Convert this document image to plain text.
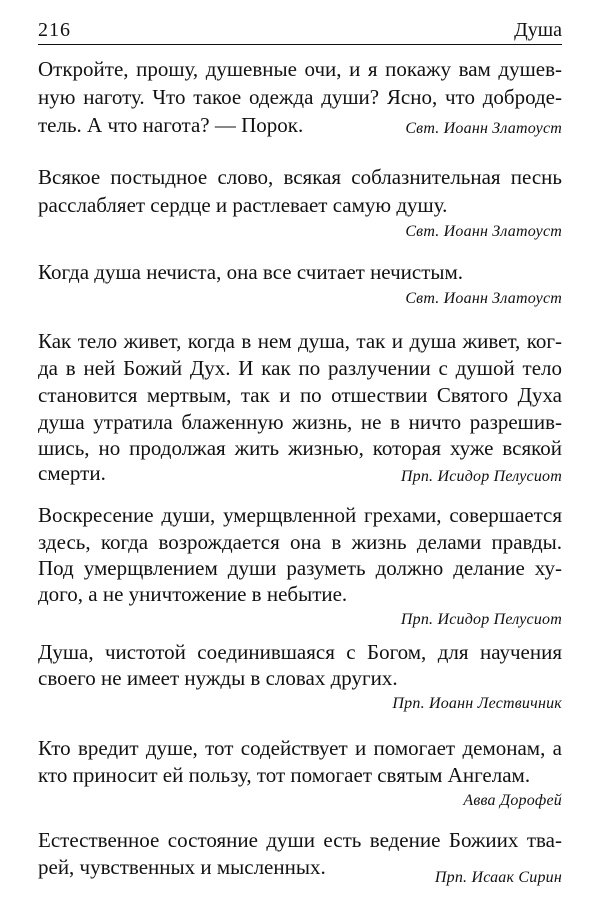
216	Душа
Откройте, прошу, душевные очи, и я покажу вам душев-
ную наготу. Что такое одежда души? Ясно, что доброде-
тель. А что нагота? — Порок.	Свт. Иоанн Златоуст
Всякое постыдное слово, всякая соблазнительная песнь
расслабляет сердце и растлевает самую душу.
Свт. Иоанн Златоуст
Когда душа нечиста, она все считает нечистым.
Свт. Иоанн Златоуст
Как тело живет, когда в нем душа, так и душа живет, ког-
да в ней Божий Дух. И как по разлучении с душой тело
становится мертвым, так и по отшествии Святого Духа
душа утратила блаженную жизнь, не в ничто разрешив-
шись, но продолжая жить жизнью, которая хуже всякой
смерти.	Прп. Исидор Пелусиот
Воскресение души, умерщвленной грехами, совершается
здесь, когда возрождается она в жизнь делами правды.
Под умерщвлением души разуметь должно делание ху-
дого, а не уничтожение в небытие.
Прп. Исидор Пелусиот
Душа, чистотой соединившаяся с Богом, для научения
своего не имеет нужды в словах других.
Прп. Иоанн Лествичник
Кто вредит душе, тот содействует и помогает демонам, а
кто приносит ей пользу, тот помогает святым Ангелам.
Авва Дорофей
Естественное состояние души есть ведение Божиих тва-
рей, чувственных и мысленных.	Прп. Исаак Сирин
